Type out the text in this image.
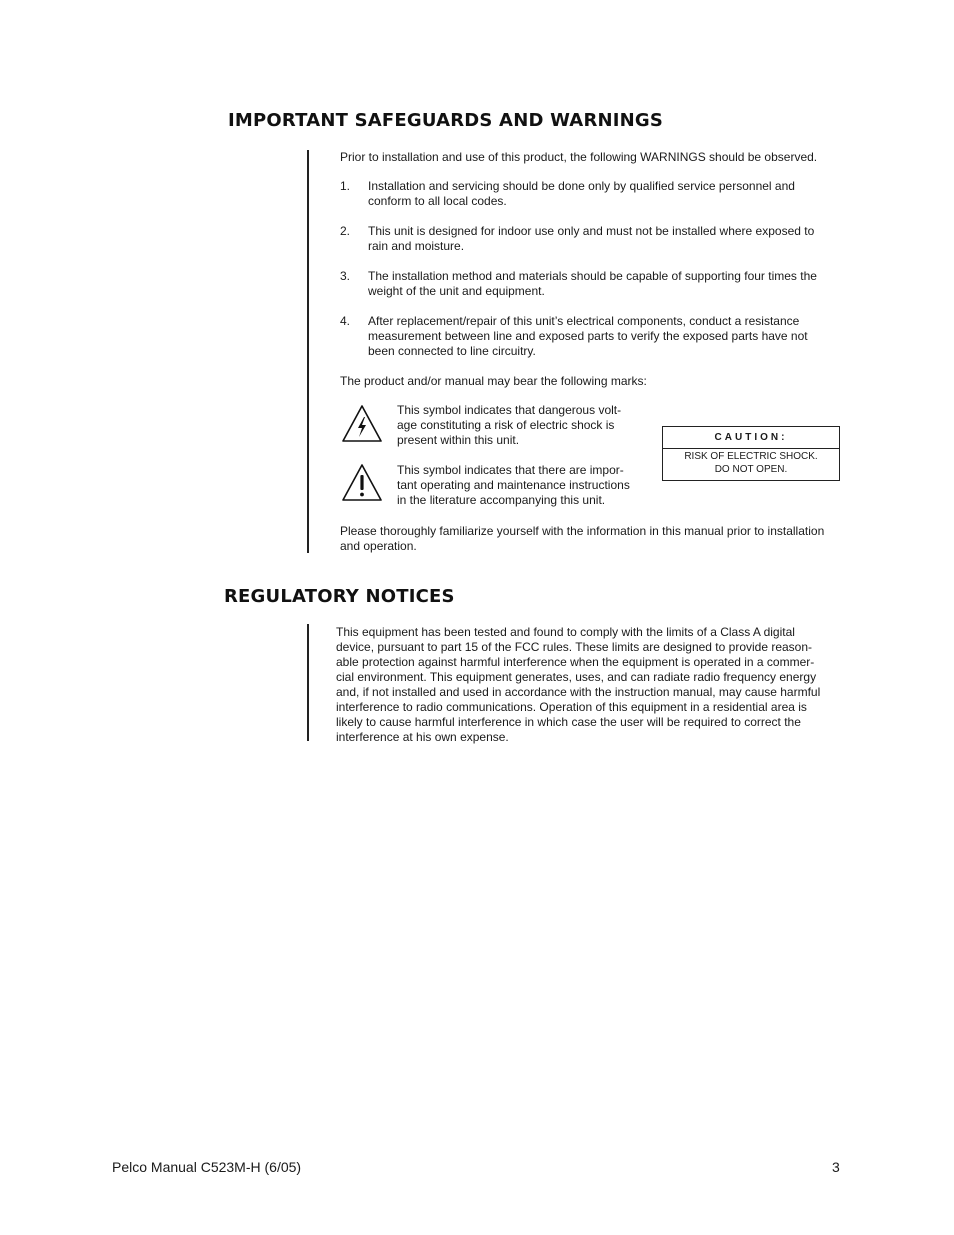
IMPORTANT SAFEGUARDS AND WARNINGS

Prior to installation and use of this product, the following WARNINGS should be observed.

1. Installation and servicing should be done only by qualified service personnel and

conform to all local codes.

2. This unit is designed for indoor use only and must not be installed where exposed to

rain and moisture.

3. The installation method and materials should be capable of supporting four times the

weight of the unit and equipment.

4. After replacement/repair of this unit’s electrical components, conduct a resistance

measurement between line and exposed parts to verify the exposed parts have not

been connected to line circuitry.

The product and/or manual may bear the following marks:

This symbol indicates that dangerous volt-

age constituting a risk of electric shock is

present within this unit.

This symbol indicates that there are impor-

tant operating and maintenance instructions

in the literature accompanying this unit.

CAUTION:
RISK OF ELECTRIC SHOCK.
DO NOT OPEN.

Please thoroughly familiarize yourself with the information in this manual prior to installation

and operation.

REGULATORY NOTICES

This equipment has been tested and found to comply with the limits of a Class A digital

device, pursuant to part 15 of the FCC rules. These limits are designed to provide reason-

able protection against harmful interference when the equipment is operated in a commer-

cial environment. This equipment generates, uses, and can radiate radio frequency energy

and, if not installed and used in accordance with the instruction manual, may cause harmful

interference to radio communications. Operation of this equipment in a residential area is

likely to cause harmful interference in which case the user will be required to correct the

interference at his own expense.

Pelco Manual C523M-H (6/05)	3
